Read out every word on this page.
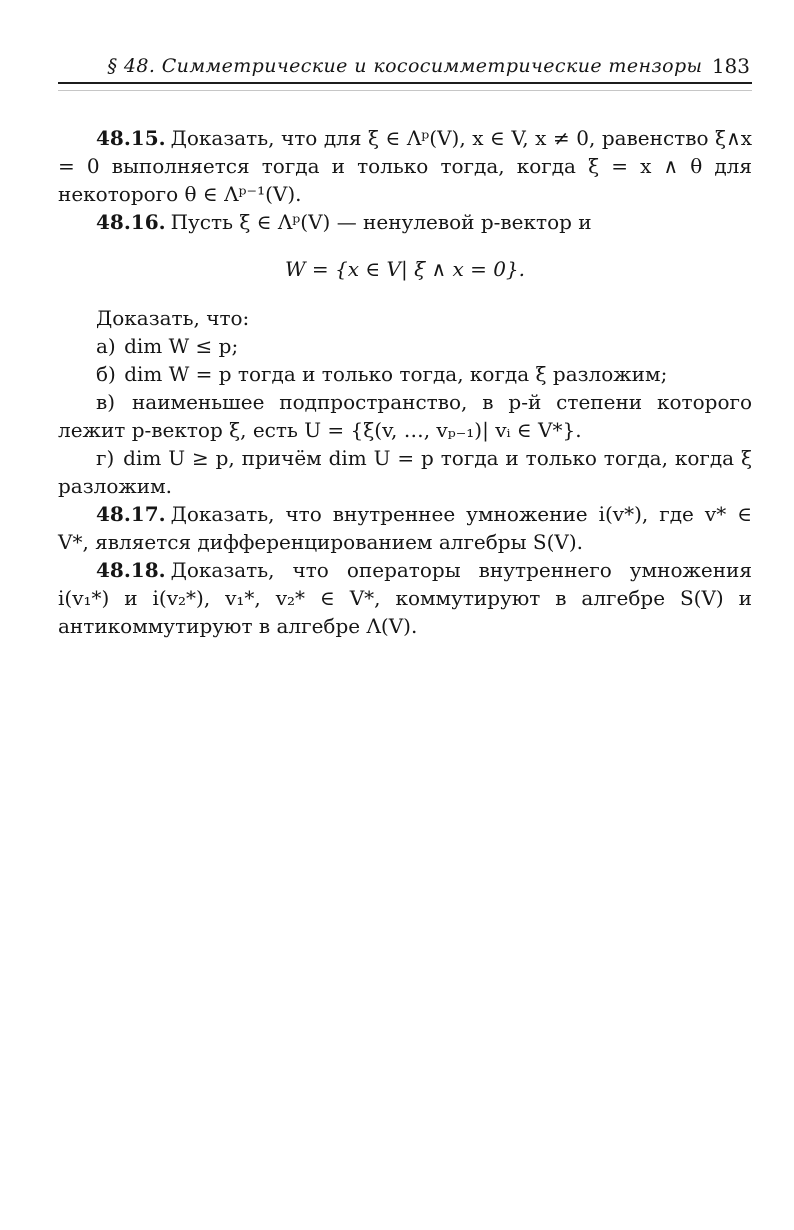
§ 48. Симметрические и кососимметрические тензоры 183

48.15. Доказать, что для ξ ∈ Λᵖ(V), x ∈ V, x ≠ 0, равенство ξ∧x = 0 выполняется тогда и только тогда, когда ξ = x ∧ θ для некоторого θ ∈ Λᵖ⁻¹(V).

48.16. Пусть ξ ∈ Λᵖ(V) — ненулевой p-вектор и

W = {x ∈ V| ξ ∧ x = 0}.

Доказать, что:

а) dim W ≤ p;

б) dim W = p тогда и только тогда, когда ξ разложим;

в) наименьшее подпространство, в p-й степени которого лежит p-вектор ξ, есть U = {ξ(v, …, vₚ₋₁)| vᵢ ∈ V*}.

г) dim U ≥ p, причём dim U = p тогда и только тогда, когда ξ разложим.

48.17. Доказать, что внутреннее умножение i(v*), где v* ∈ V*, является дифференцированием алгебры S(V).

48.18. Доказать, что операторы внутреннего умножения i(v₁*) и i(v₂*), v₁*, v₂* ∈ V*, коммутируют в алгебре S(V) и антикоммутируют в алгебре Λ(V).
